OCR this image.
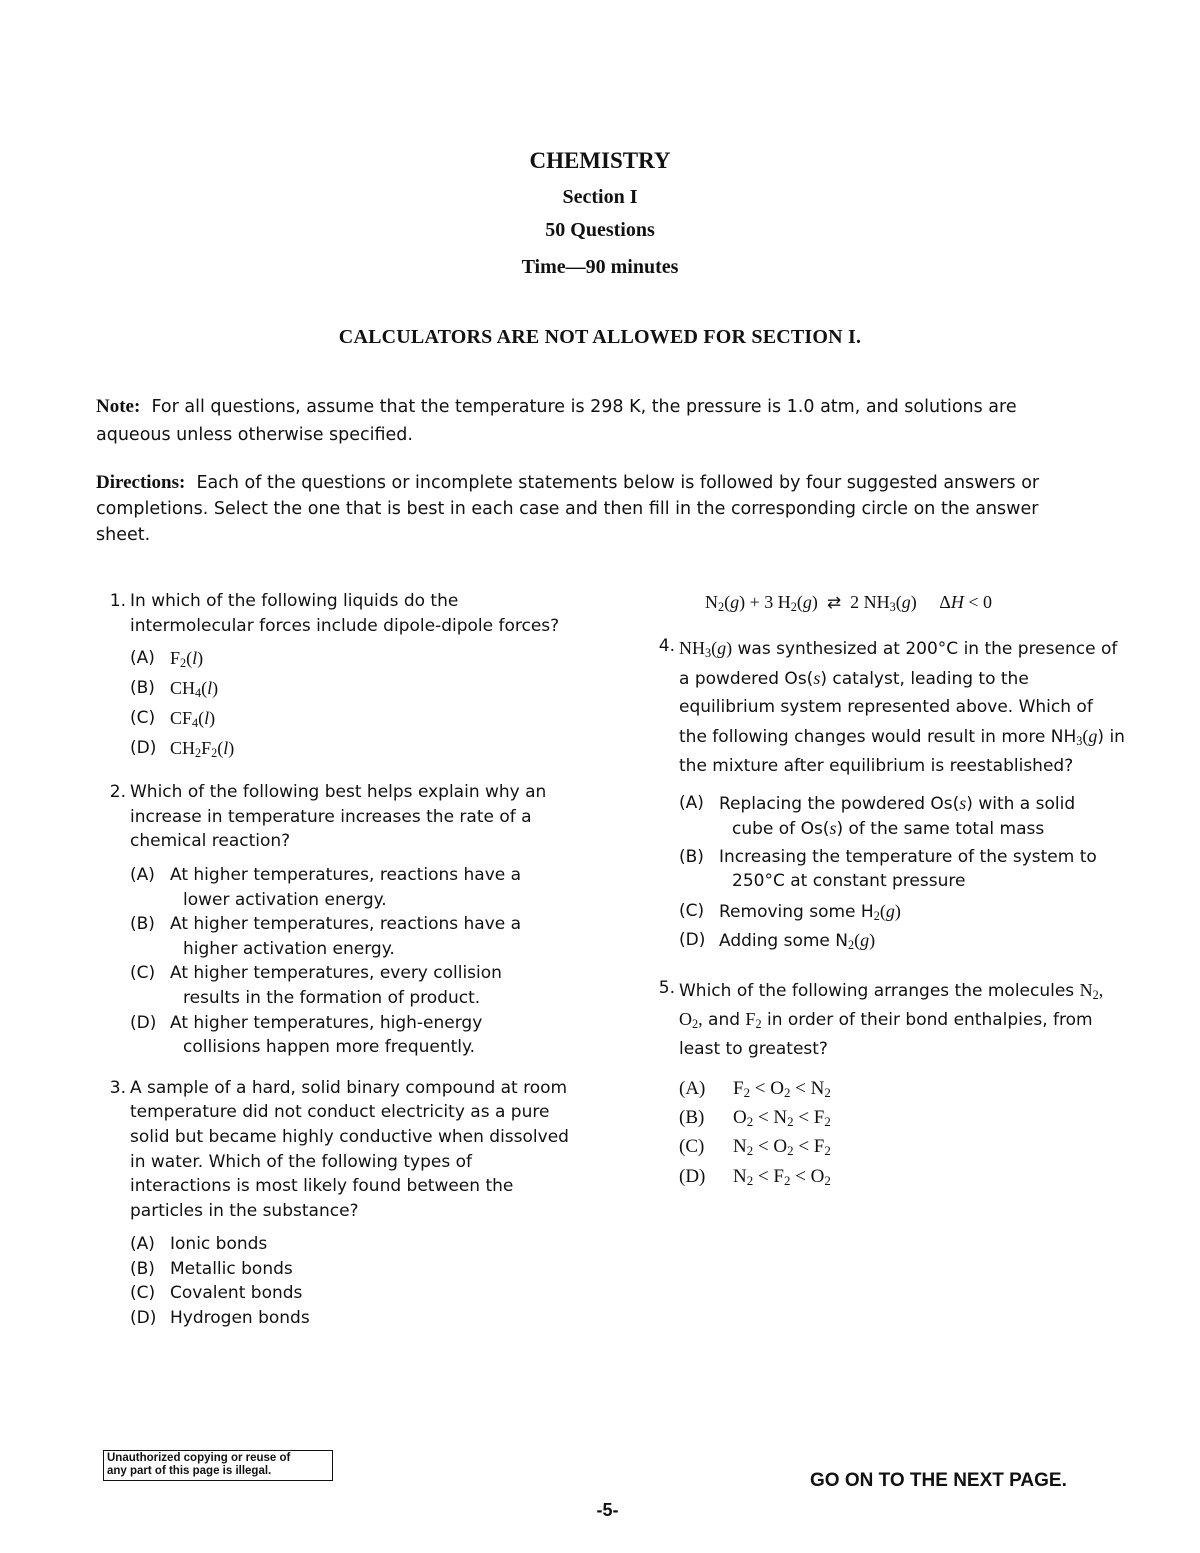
CHEMISTRY
Section I
50 Questions
Time—90 minutes
CALCULATORS ARE NOT ALLOWED FOR SECTION I.
Note: For all questions, assume that the temperature is 298 K, the pressure is 1.0 atm, and solutions are aqueous unless otherwise specified.
Directions: Each of the questions or incomplete statements below is followed by four suggested answers or completions. Select the one that is best in each case and then fill in the corresponding circle on the answer sheet.
1. In which of the following liquids do the intermolecular forces include dipole-dipole forces?
(A) $F_2(l)$
(B) $CH_4(l)$
(C) $CF_4(l)$
(D) $CH_2F_2(l)$
2. Which of the following best helps explain why an increase in temperature increases the rate of a chemical reaction?
(A) At higher temperatures, reactions have a
lower activation energy.
(B) At higher temperatures, reactions have a
higher activation energy.
(C) At higher temperatures, every collision
results in the formation of product.
(D) At higher temperatures, high-energy
collisions happen more frequently.
3. A sample of a hard, solid binary compound at room temperature did not conduct electricity as a pure solid but became highly conductive when dissolved in water. Which of the following types of interactions is most likely found between the particles in the substance?
(A) Ionic bonds
(B) Metallic bonds
(C) Covalent bonds
(D) Hydrogen bonds
$N_2(g) + 3$ $H_2(g)$  ⇄  2 $NH_3(g)$     ΔH < 0
4. $NH_3(g)$ was synthesized at 200°C in the presence of a powdered Os(s) catalyst, leading to the equilibrium system represented above. Which of the following changes would result in more $NH_3(g)$ in the mixture after equilibrium is reestablished?
(A) Replacing the powdered Os(s) with a solid
cube of Os(s) of the same total mass
(B) Increasing the temperature of the system to
250°C at constant pressure
(C) Removing some $H_2(g)$
(D) Adding some $N_2(g)$
5. Which of the following arranges the molecules $N_2$, $O_2$, and $F_2$ in order of their bond enthalpies, from least to greatest?
(A) $F_2 < O_2 < N_2$
(B) $O_2 < N_2 < F_2$
(C) $N_2 < O_2 < F_2$
(D) $N_2 < F_2 < O_2$
Unauthorized copying or reuse of
any part of this page is illegal.	GO ON TO THE NEXT PAGE.
-5-
